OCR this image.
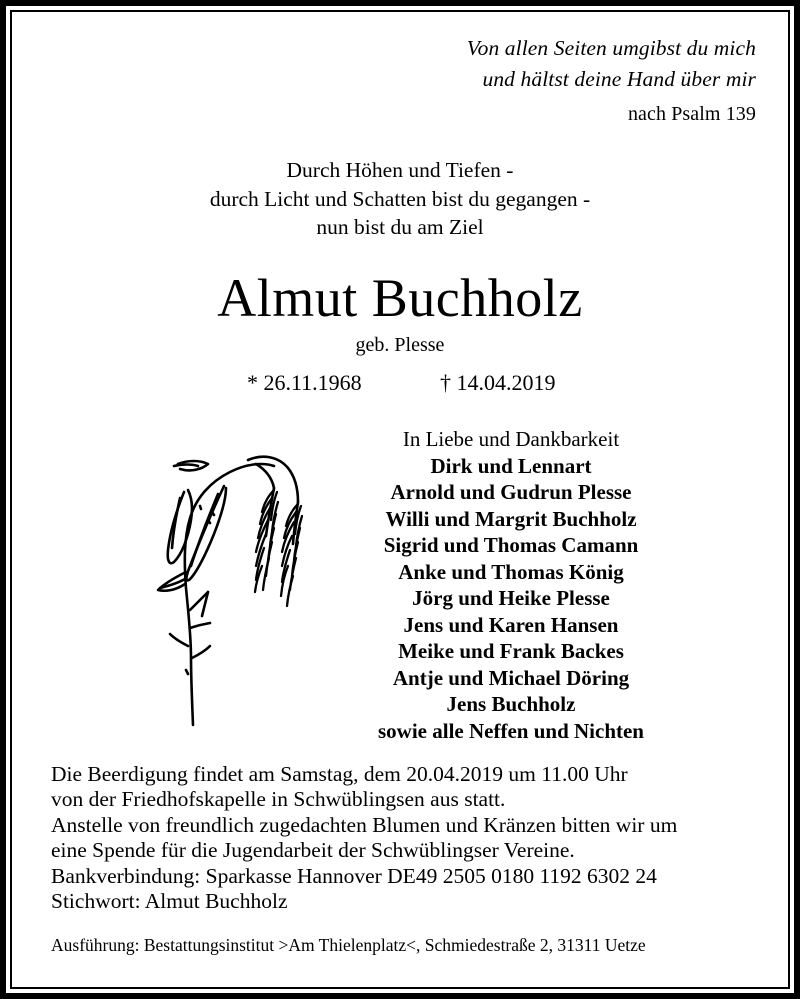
Von allen Seiten umgibst du mich
und hältst deine Hand über mir
nach Psalm 139
Durch Höhen und Tiefen -
durch Licht und Schatten bist du gegangen -
nun bist du am Ziel
Almut Buchholz
geb. Plesse
* 26.11.1968	† 14.04.2019
In Liebe und Dankbarkeit
Dirk und Lennart
Arnold und Gudrun Plesse
Willi und Margrit Buchholz
Sigrid und Thomas Camann
Anke und Thomas König
Jörg und Heike Plesse
Jens und Karen Hansen
Meike und Frank Backes
Antje und Michael Döring
Jens Buchholz
sowie alle Neffen und Nichten
Die Beerdigung findet am Samstag, dem 20.04.2019 um 11.00 Uhr
von der Friedhofskapelle in Schwüblingsen aus statt.
Anstelle von freundlich zugedachten Blumen und Kränzen bitten wir um
eine Spende für die Jugendarbeit der Schwüblingser Vereine.
Bankverbindung: Sparkasse Hannover DE49 2505 0180 1192 6302 24
Stichwort: Almut Buchholz
Ausführung: Bestattungsinstitut >Am Thielenplatz<, Schmiedestraße 2, 31311 Uetze
